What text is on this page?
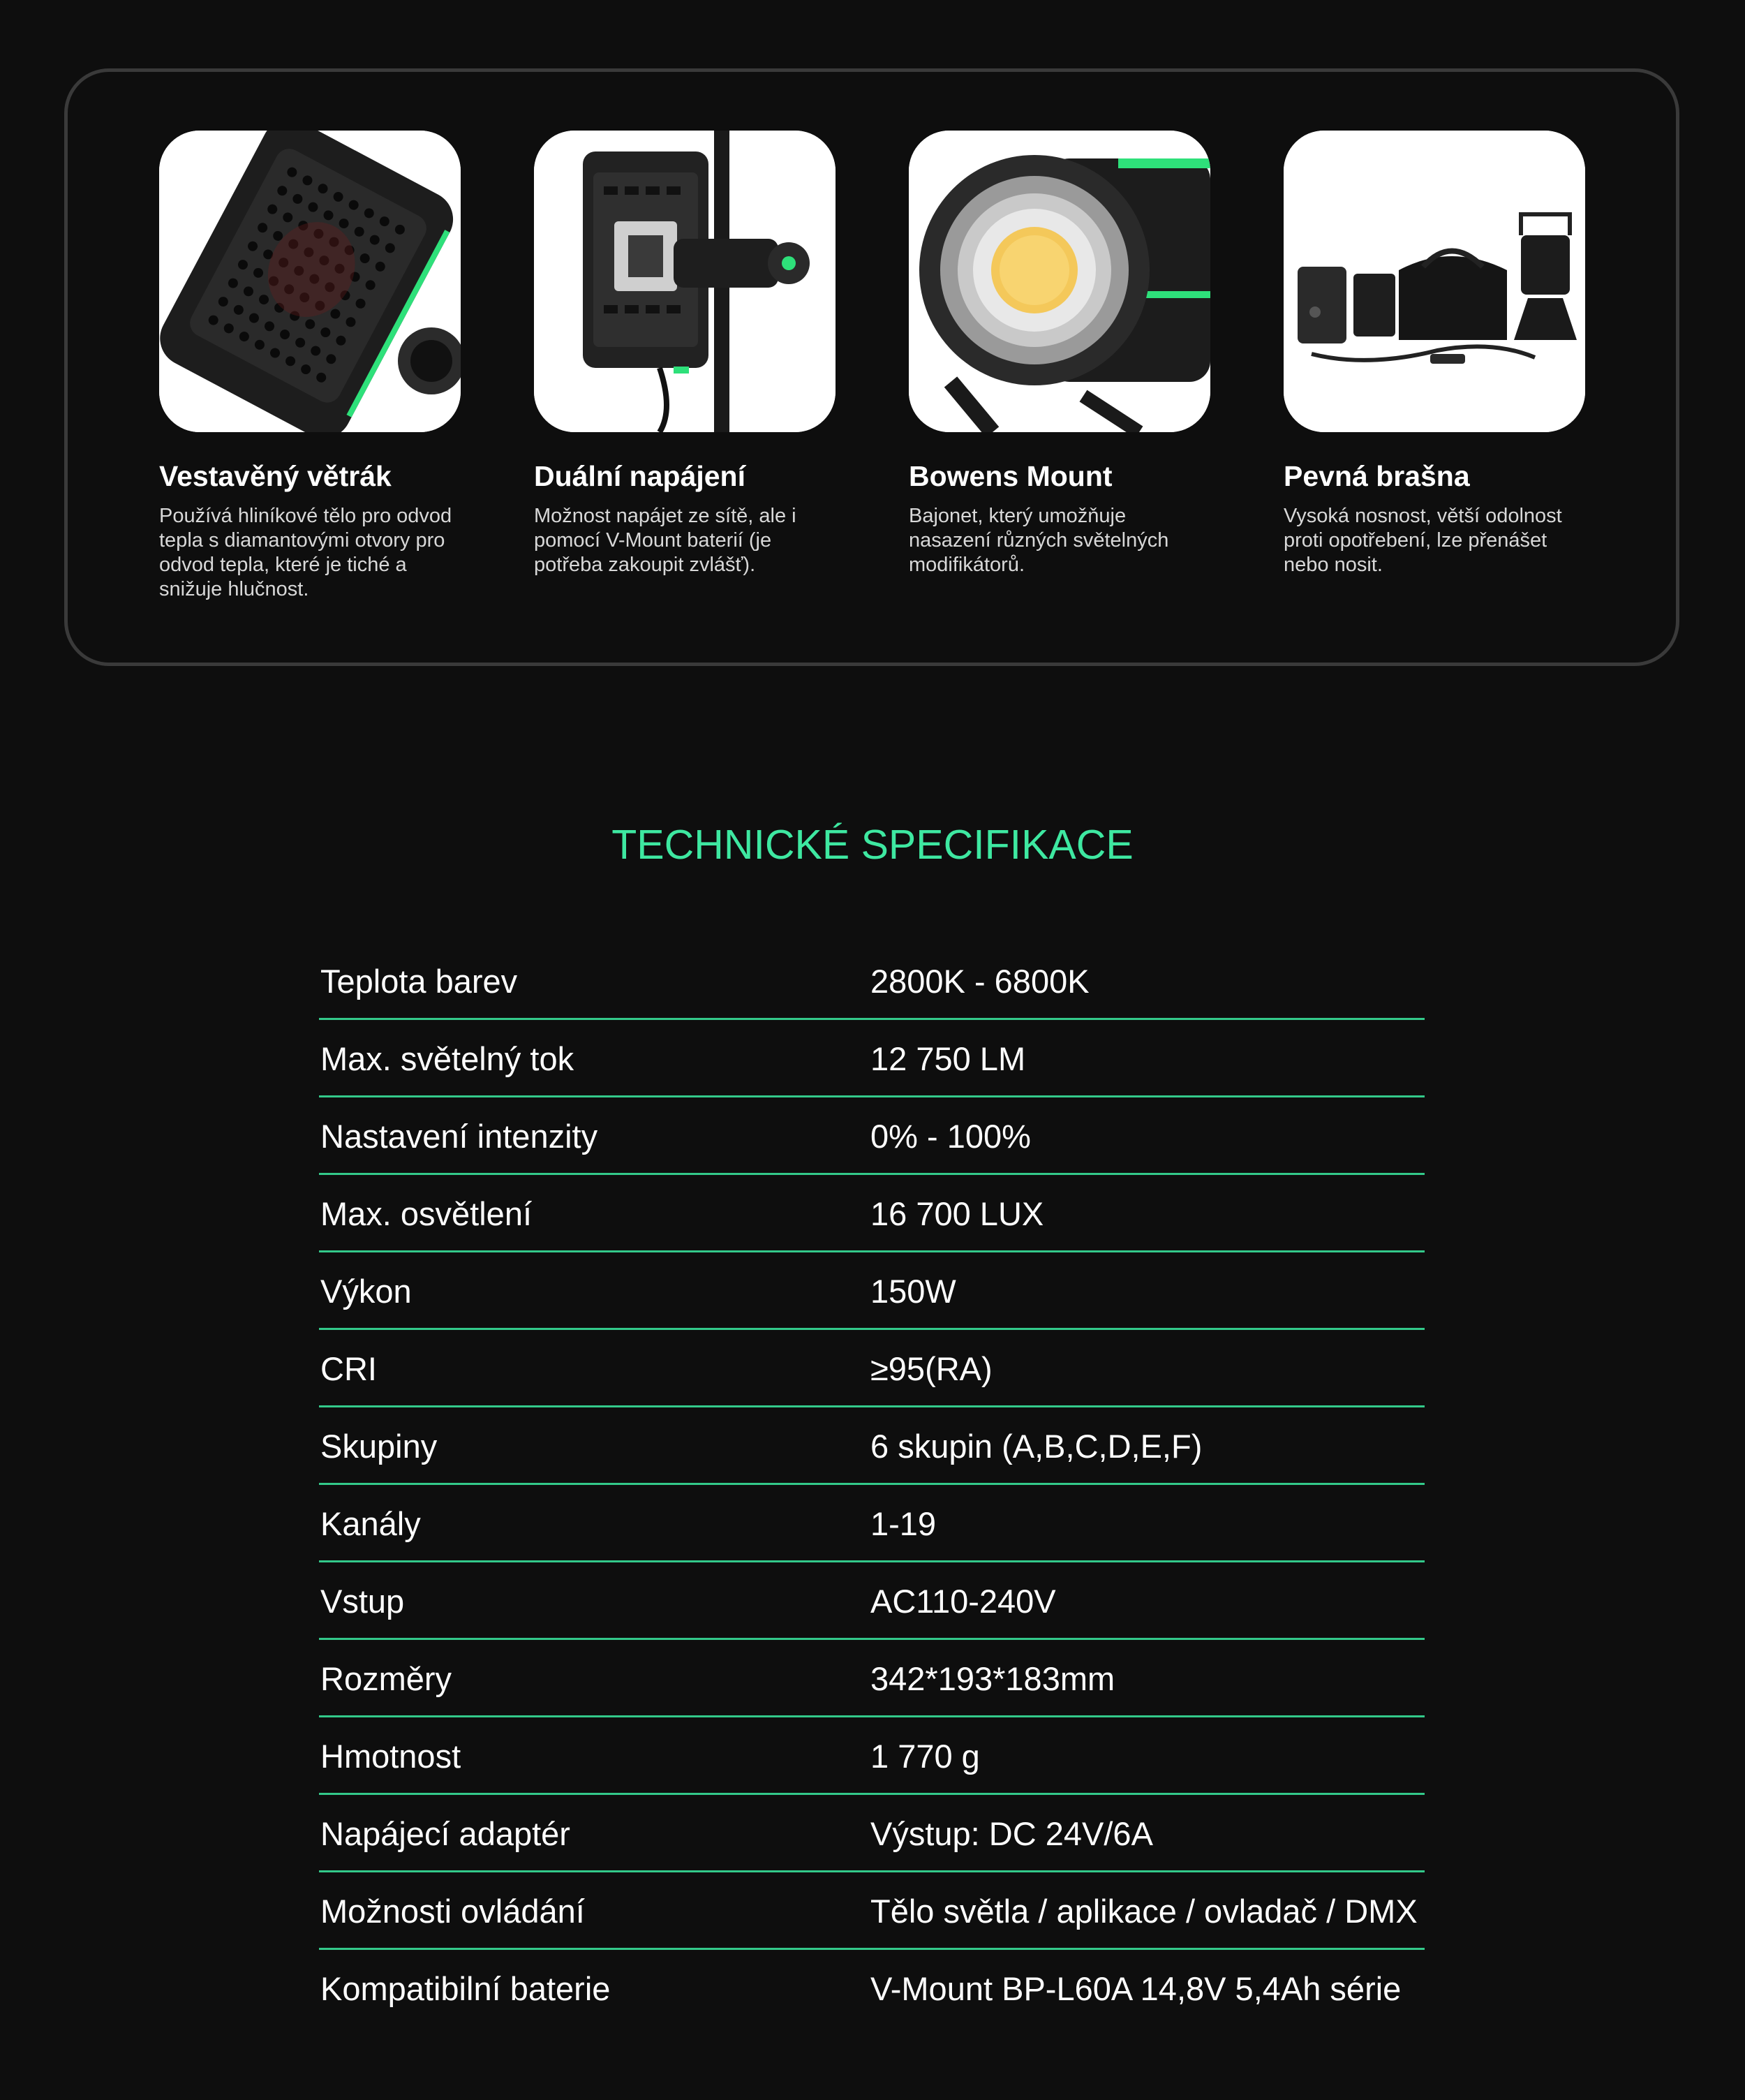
Vestavěný větrák
Používá hliníkové tělo pro odvod tepla s diamantovými otvory pro odvod tepla, které je tiché a snižuje hlučnost.
Duální napájení
Možnost napájet ze sítě, ale i pomocí V-Mount baterií (je potřeba zakoupit zvlášť).
Bowens Mount
Bajonet, který umožňuje nasazení různých světelných modifikátorů.
Pevná brašna
Vysoká nosnost, větší odolnost proti opotřebení, lze přenášet nebo nosit.
TECHNICKÉ SPECIFIKACE
Teplota barev	2800K - 6800K
Max. světelný tok	12 750 LM
Nastavení intenzity	0% - 100%
Max. osvětlení	16 700 LUX
Výkon	150W
CRI	≥95(RA)
Skupiny	6 skupin (A,B,C,D,E,F)
Kanály	1-19
Vstup	AC110-240V
Rozměry	342*193*183mm
Hmotnost	1 770 g
Napájecí adaptér	Výstup: DC 24V/6A
Možnosti ovládání	Tělo světla / aplikace / ovladač / DMX
Kompatibilní baterie	V-Mount BP-L60A 14,8V 5,4Ah série
